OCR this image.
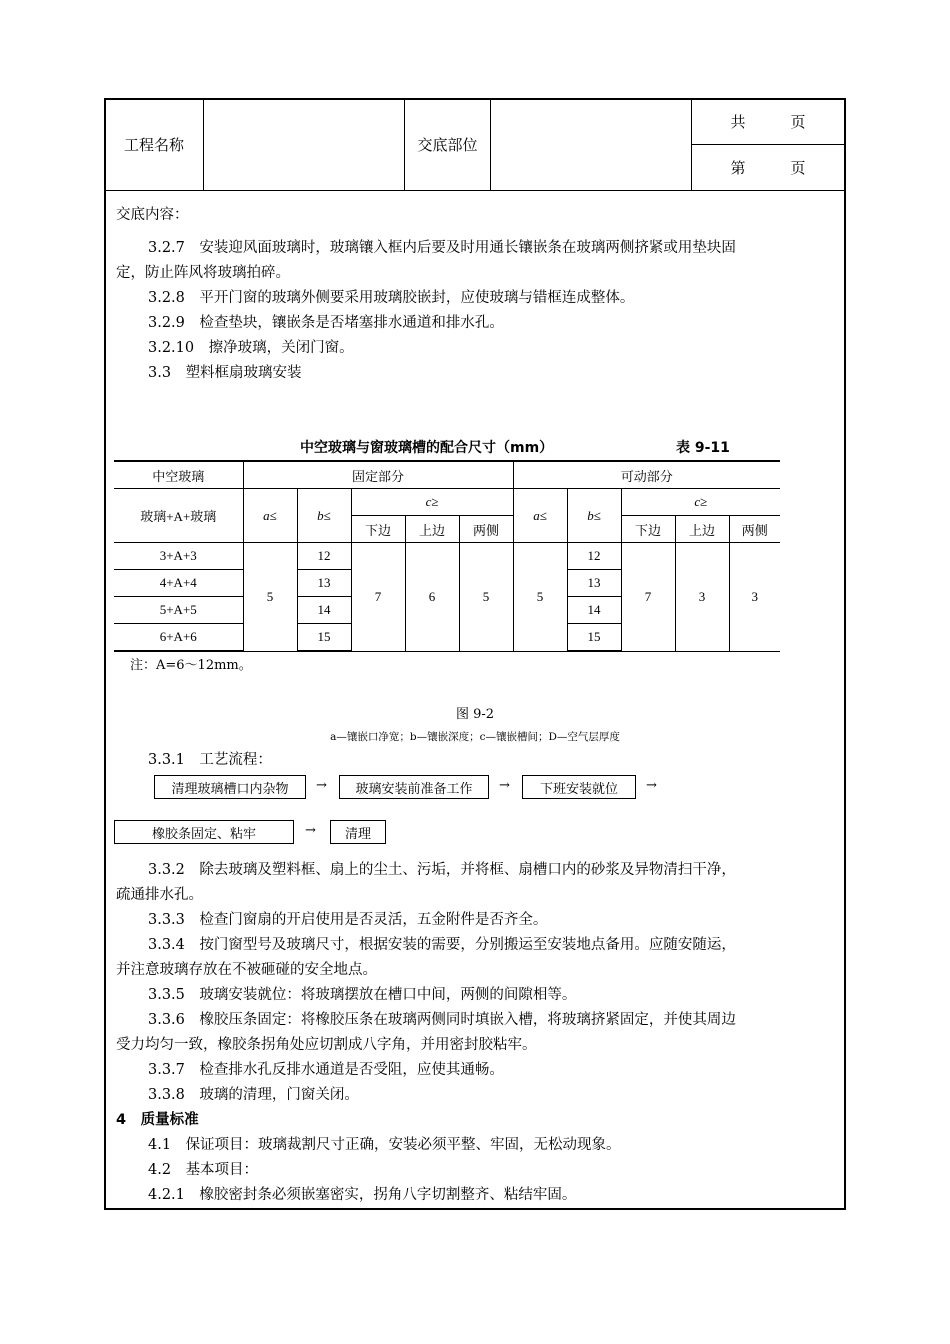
工程名称	交底部位
共　　　页
第　　　页
交底内容：
3.2.7　 安装迎风面玻璃时，玻璃镶入框内后要及时用通长镶嵌条在玻璃两侧挤紧或用垫块固
定，防止阵风将玻璃拍碎。
3.2.8　 平开门窗的玻璃外侧要采用玻璃胶嵌封，应使玻璃与错框连成整体。
3.2.9　 检查垫块，镶嵌条是否堵塞排水通道和排水孔。
3.2.10　 擦净玻璃，关闭门窗。
3.3　 塑料框扇玻璃安装
中空玻璃与窗玻璃槽的配合尺寸（mm）	表 9-11
中空玻璃	固定部分					可动部分				
玻璃+A+玻璃	a≤	b≤	c≥			a≤	b≤	c≥		
			下边	上边	两侧			下边	上边	两侧
3+A+3	5	12	7	6	5	5	12	7	3	3
4+A+4		13					13			
5+A+5		14					14			
6+A+6		15					15			
注：A=6～12mm。
图 9-2
a—镶嵌口净宽；b—镶嵌深度；c—镶嵌槽间；D—空气层厚度
3.3.1　 工艺流程：
清理玻璃槽口内杂物	→	玻璃安装前准备工作	→	下班安装就位	→
橡胶条固定、粘牢	→	清理
3.3.2　 除去玻璃及塑料框、扇上的尘土、污垢，并将框、扇槽口内的砂浆及异物清扫干净，
疏通排水孔。
3.3.3　 检查门窗扇的开启使用是否灵活，五金附件是否齐全。
3.3.4　 按门窗型号及玻璃尺寸，根据安装的需要，分别搬运至安装地点备用。应随安随运，
并注意玻璃存放在不被砸碰的安全地点。
3.3.5　 玻璃安装就位：将玻璃摆放在槽口中间，两侧的间隙相等。
3.3.6　 橡胶压条固定：将橡胶压条在玻璃两侧同时填嵌入槽，将玻璃挤紧固定，并使其周边
受力均匀一致，橡胶条拐角处应切割成八字角，并用密封胶粘牢。
3.3.7　 检查排水孔反排水通道是否受阻，应使其通畅。
3.3.8　 玻璃的清理，门窗关闭。
4　 质量标准
4.1　 保证项目：玻璃裁割尺寸正确，安装必须平整、牢固，无松动现象。
4.2　 基本项目：
4.2.1　 橡胶密封条必须嵌塞密实，拐角八字切割整齐、粘结牢固。
